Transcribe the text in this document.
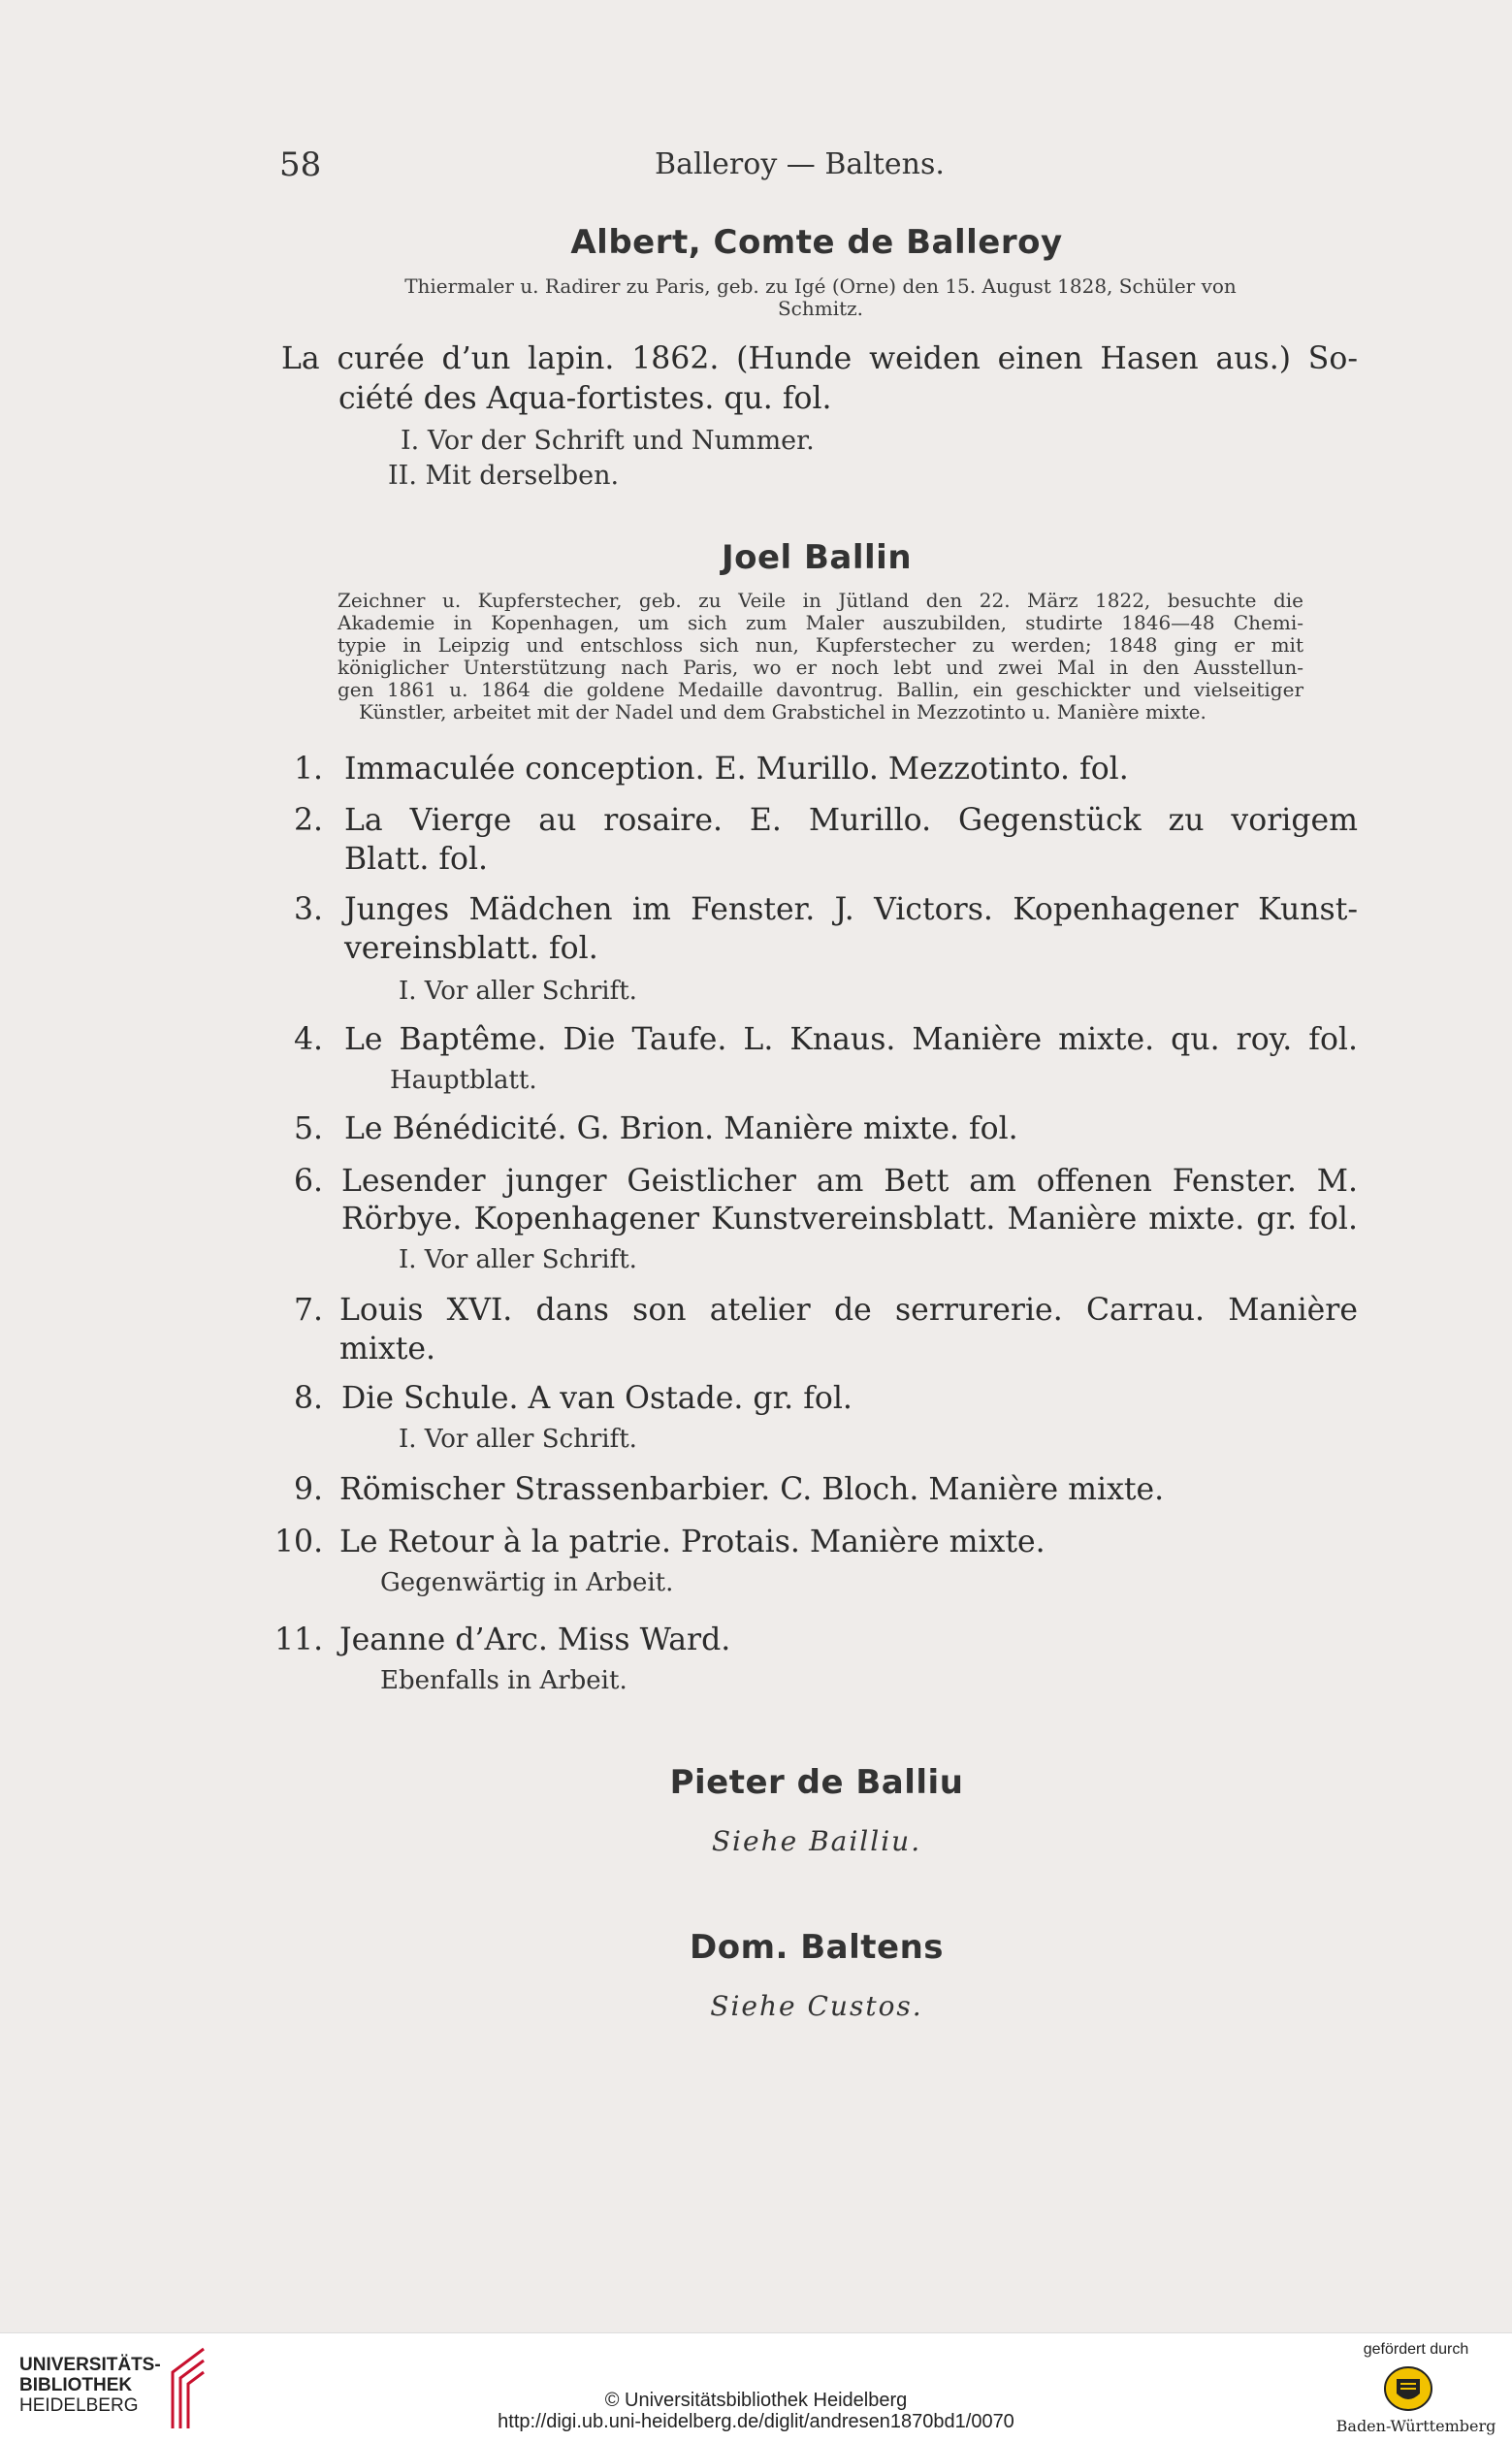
58	Balleroy — Baltens.
Albert, Comte de Balleroy
Thiermaler u. Radirer zu Paris, geb. zu Igé (Orne) den 15. August 1828, Schüler von
Schmitz.
La curée d’un lapin. 1862. (Hunde weiden einen Hasen aus.) So-
ciété des Aqua-fortistes. qu. fol.
I. Vor der Schrift und Nummer.
II. Mit derselben.
Joel Ballin
Zeichner u. Kupferstecher, geb. zu Veile in Jütland den 22. März 1822, besuchte die
Akademie in Kopenhagen, um sich zum Maler auszubilden, studirte 1846—48 Chemi-
typie in Leipzig und entschloss sich nun, Kupferstecher zu werden; 1848 ging er mit
königlicher Unterstützung nach Paris, wo er noch lebt und zwei Mal in den Ausstellun-
gen 1861 u. 1864 die goldene Medaille davontrug. Ballin, ein geschickter und vielseitiger
Künstler, arbeitet mit der Nadel und dem Grabstichel in Mezzotinto u. Manière mixte.
1. Immaculée conception. E. Murillo. Mezzotinto. fol.
2. La Vierge au rosaire. E. Murillo. Gegenstück zu vorigem
Blatt. fol.
3. Junges Mädchen im Fenster. J. Victors. Kopenhagener Kunst-
vereinsblatt. fol.
I. Vor aller Schrift.
4. Le Baptême. Die Taufe. L. Knaus. Manière mixte. qu. roy. fol.
Hauptblatt.
5. Le Bénédicité. G. Brion. Manière mixte. fol.
6. Lesender junger Geistlicher am Bett am offenen Fenster. M.
Rörbye. Kopenhagener Kunstvereinsblatt. Manière mixte. gr. fol.
I. Vor aller Schrift.
7. Louis XVI. dans son atelier de serrurerie. Carrau. Manière
mixte.
8. Die Schule. A van Ostade. gr. fol.
I. Vor aller Schrift.
9. Römischer Strassenbarbier. C. Bloch. Manière mixte.
10. Le Retour à la patrie. Protais. Manière mixte.
Gegenwärtig in Arbeit.
11. Jeanne d’Arc. Miss Ward.
Ebenfalls in Arbeit.
Pieter de Balliu
Siehe Bailliu.
Dom. Baltens
Siehe Custos.
UNIVERSITÄTS-
BIBLIOTHEK
HEIDELBERG	© Universitätsbibliothek Heidelberg
http://digi.ub.uni-heidelberg.de/diglit/andresen1870bd1/0070
gefördert durch
Baden-Württemberg
